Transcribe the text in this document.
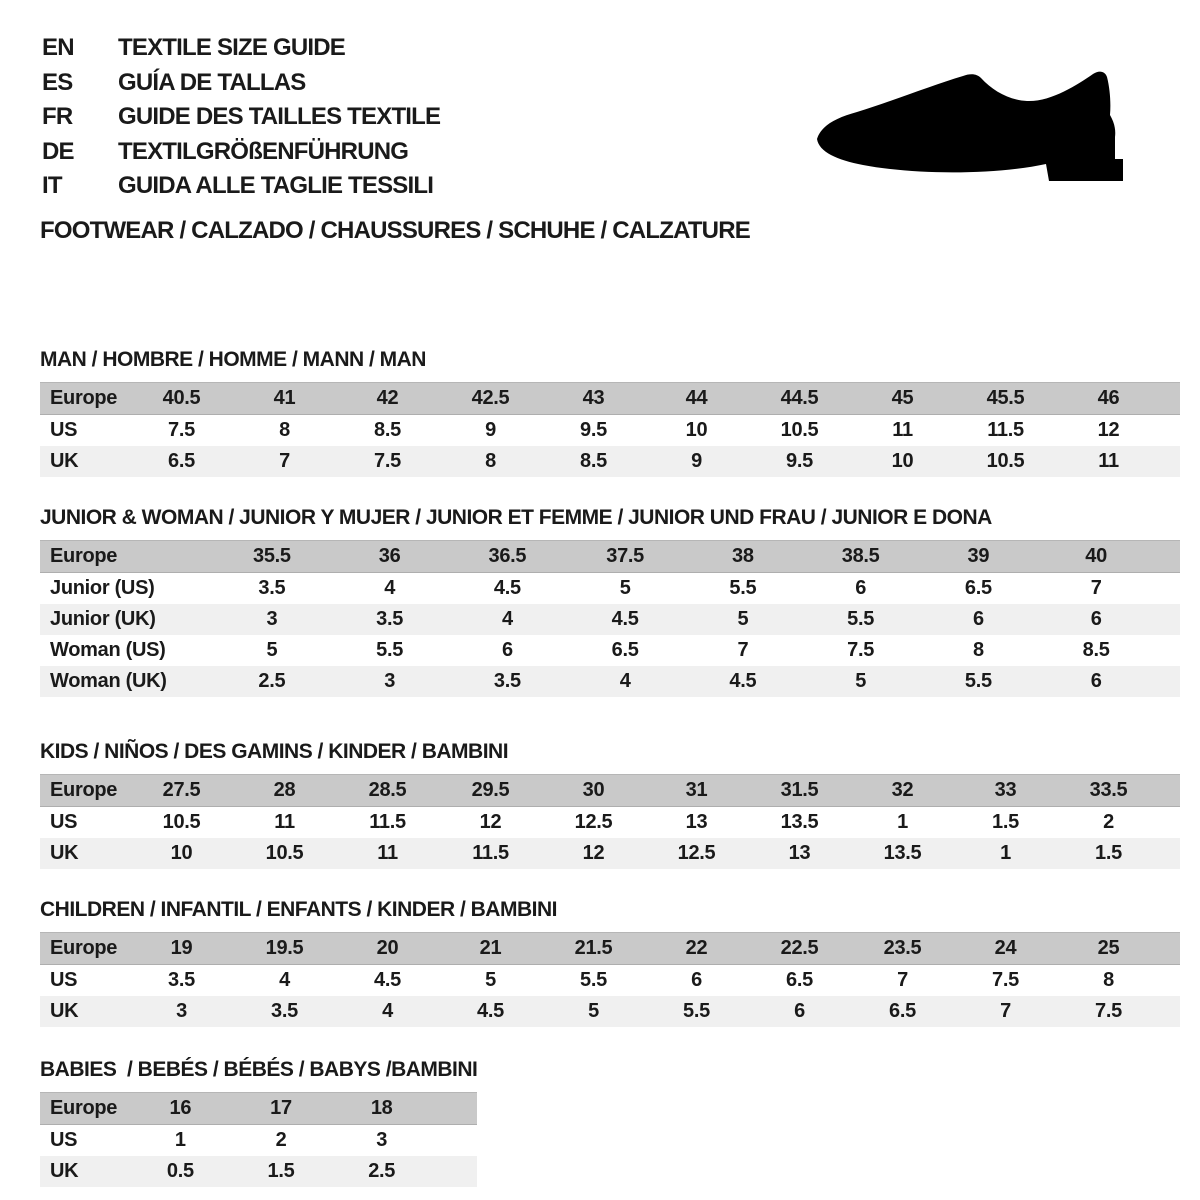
EN	TEXTILE SIZE GUIDE
ES	GUÍA DE TALLAS
FR	GUIDE DES TAILLES TEXTILE
DE	TEXTILGRÖßENFÜHRUNG
IT	GUIDA ALLE TAGLIE TESSILI
FOOTWEAR / CALZADO / CHAUSSURES / SCHUHE / CALZATURE
MAN / HOMBRE / HOMME / MANN / MAN
Europe	40.5	41	42	42.5	43	44	44.5	45	45.5	46	
US	7.5	8	8.5	9	9.5	10	10.5	11	11.5	12	
UK	6.5	7	7.5	8	8.5	9	9.5	10	10.5	11	
JUNIOR & WOMAN / JUNIOR Y MUJER / JUNIOR ET FEMME / JUNIOR UND FRAU / JUNIOR E DONA
Europe	35.5	36	36.5	37.5	38	38.5	39	40	
Junior (US)	3.5	4	4.5	5	5.5	6	6.5	7	
Junior (UK)	3	3.5	4	4.5	5	5.5	6	6	
Woman (US)	5	5.5	6	6.5	7	7.5	8	8.5	
Woman (UK)	2.5	3	3.5	4	4.5	5	5.5	6	
KIDS / NIÑOS / DES GAMINS / KINDER / BAMBINI
Europe	27.5	28	28.5	29.5	30	31	31.5	32	33	33.5	
US	10.5	11	11.5	12	12.5	13	13.5	1	1.5	2	
UK	10	10.5	11	11.5	12	12.5	13	13.5	1	1.5	
CHILDREN / INFANTIL / ENFANTS / KINDER / BAMBINI
Europe	19	19.5	20	21	21.5	22	22.5	23.5	24	25	
US	3.5	4	4.5	5	5.5	6	6.5	7	7.5	8	
UK	3	3.5	4	4.5	5	5.5	6	6.5	7	7.5	
BABIES  / BEBÉS / BÉBÉS / BABYS /BAMBINI
Europe	16	17	18	
US	1	2	3	
UK	0.5	1.5	2.5	
